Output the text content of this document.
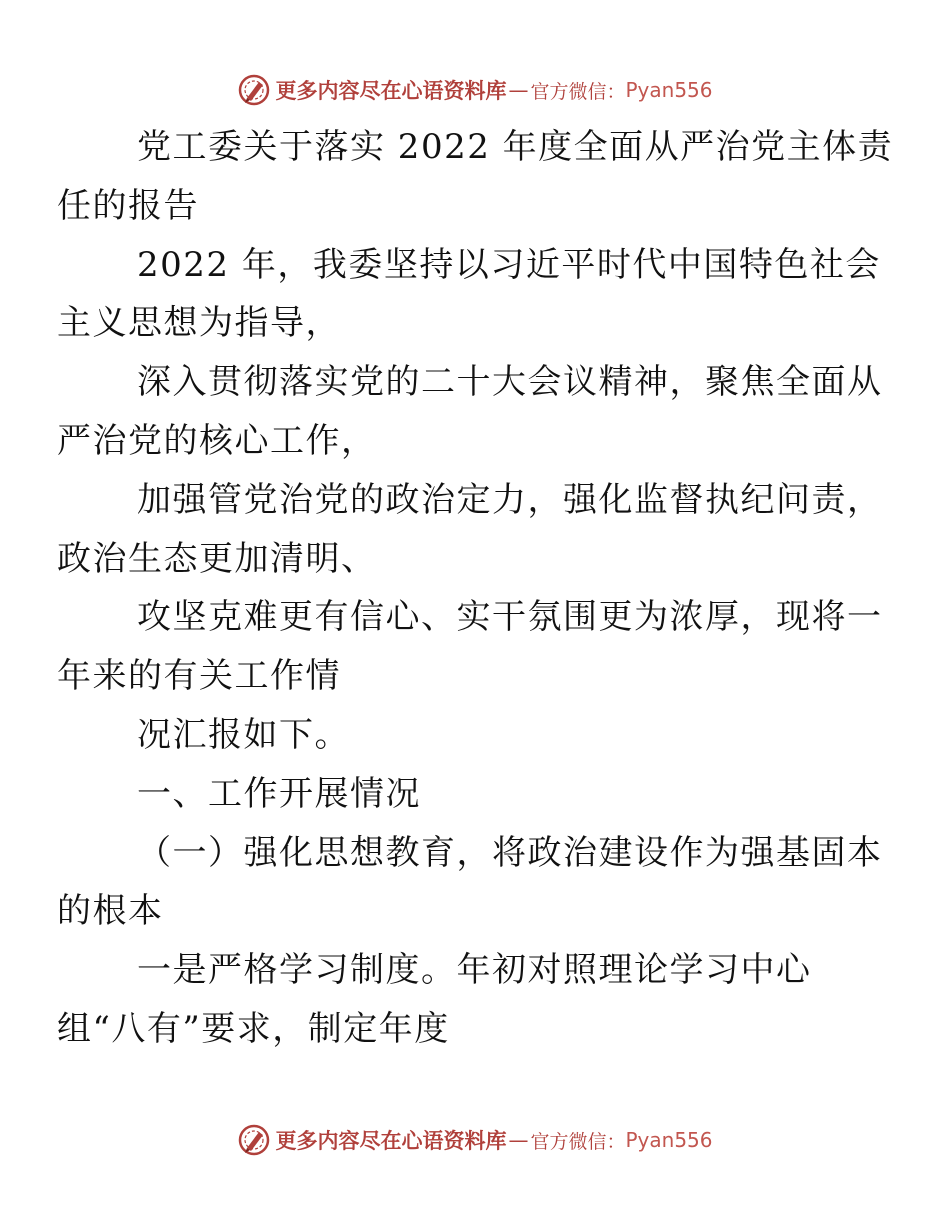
更多内容尽在心语资料库 — 官方微信： Pyan556

党工委关于落实 2022 年度全面从严治党主体责
任的报告

2022 年，我委坚持以习近平时代中国特色社会
主义思想为指导，

深入贯彻落实党的二十大会议精神，聚焦全面从
严治党的核心工作，

加强管党治党的政治定力，强化监督执纪问责，
政治生态更加清明、

攻坚克难更有信心、实干氛围更为浓厚，现将一
年来的有关工作情

况汇报如下。

一、工作开展情况

（一）强化思想教育，将政治建设作为强基固本
的根本

一是严格学习制度。年初对照理论学习中心
组“八有”要求，制定年度

更多内容尽在心语资料库 — 官方微信： Pyan556
